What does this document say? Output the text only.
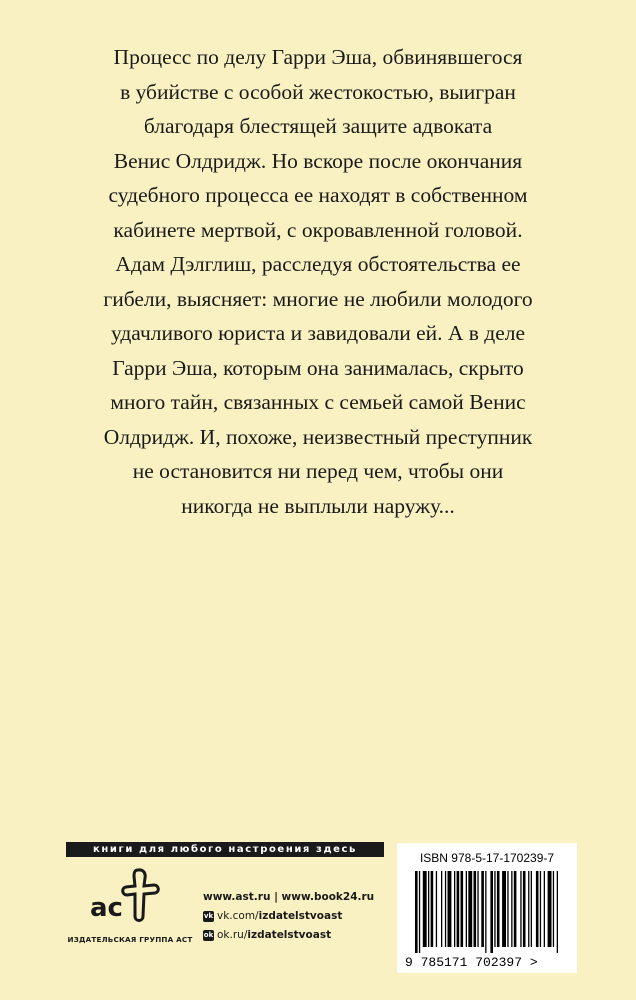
Процесс по делу Гарри Эша, обвинявшегося
в убийстве с особой жестокостью, выигран
благодаря блестящей защите адвоката
Венис Олдридж. Но вскоре после окончания
судебного процесса ее находят в собственном
кабинете мертвой, с окровавленной головой.
Адам Дэлглиш, расследуя обстоятельства ее
гибели, выясняет: многие не любили молодого
удачливого юриста и завидовали ей. А в деле
Гарри Эша, которым она занималась, скрыто
много тайн, связанных с семьей самой Венис
Олдридж. И, похоже, неизвестный преступник
не остановится ни перед чем, чтобы они
никогда не выплыли наружу...
книги для любого настроения здесь
ac
ИЗДАТЕЛЬСКАЯ ГРУППА АСТ
www.ast.ru | www.book24.ru
vk vk.com/ izdatelstvoast
ok ok.ru/ izdatelstvoast
ISBN 978-5-17-170239-7
9 785171 702397 >
